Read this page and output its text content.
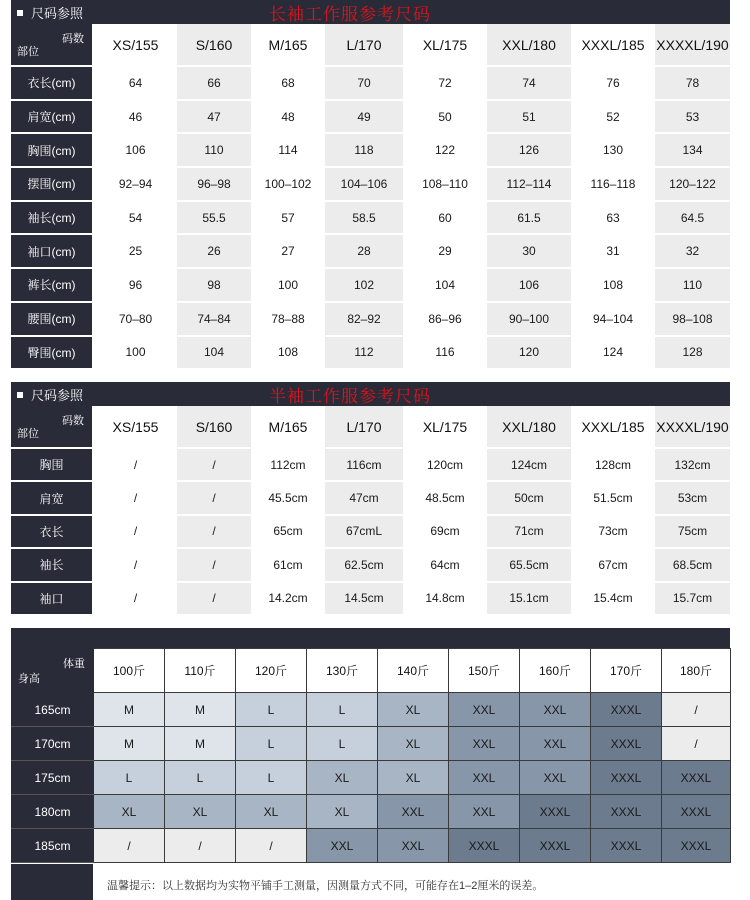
尺码参照	长袖工作服参考尺码
码数
部位	XS/155	S/160	M/165	L/170	XL/175	XXL/180	XXXL/185	XXXXL/190
衣长(cm)	64	66	68	70	72	74	76	78
肩宽(cm)	46	47	48	49	50	51	52	53
胸围(cm)	106	110	114	118	122	126	130	134
摆围(cm)	92–94	96–98	100–102	104–106	108–110	112–114	116–118	120–122
袖长(cm)	54	55.5	57	58.5	60	61.5	63	64.5
袖口(cm)	25	26	27	28	29	30	31	32
裤长(cm)	96	98	100	102	104	106	108	110
腰围(cm)	70–80	74–84	78–88	82–92	86–96	90–100	94–104	98–108
臀围(cm)	100	104	108	112	116	120	124	128
尺码参照	半袖工作服参考尺码
码数
部位	XS/155	S/160	M/165	L/170	XL/175	XXL/180	XXXL/185	XXXXL/190
胸围	/	/	112cm	116cm	120cm	124cm	128cm	132cm
肩宽	/	/	45.5cm	47cm	48.5cm	50cm	51.5cm	53cm
衣长	/	/	65cm	67cmL	69cm	71cm	73cm	75cm
袖长	/	/	61cm	62.5cm	64cm	65.5cm	67cm	68.5cm
袖口	/	/	14.2cm	14.5cm	14.8cm	15.1cm	15.4cm	15.7cm
体重
身高	100斤	110斤	120斤	130斤	140斤	150斤	160斤	170斤	180斤
165cm	M	M	L	L	XL	XXL	XXL	XXXL	/
170cm	M	M	L	L	XL	XXL	XXL	XXXL	/
175cm	L	L	L	XL	XL	XXL	XXL	XXXL	XXXL
180cm	XL	XL	XL	XL	XXL	XXL	XXXL	XXXL	XXXL
185cm	/	/	/	XXL	XXL	XXXL	XXXL	XXXL	XXXL
温馨提示：以上数据均为实物平铺手工测量，因测量方式不同，可能存在1–2厘米的误差。
